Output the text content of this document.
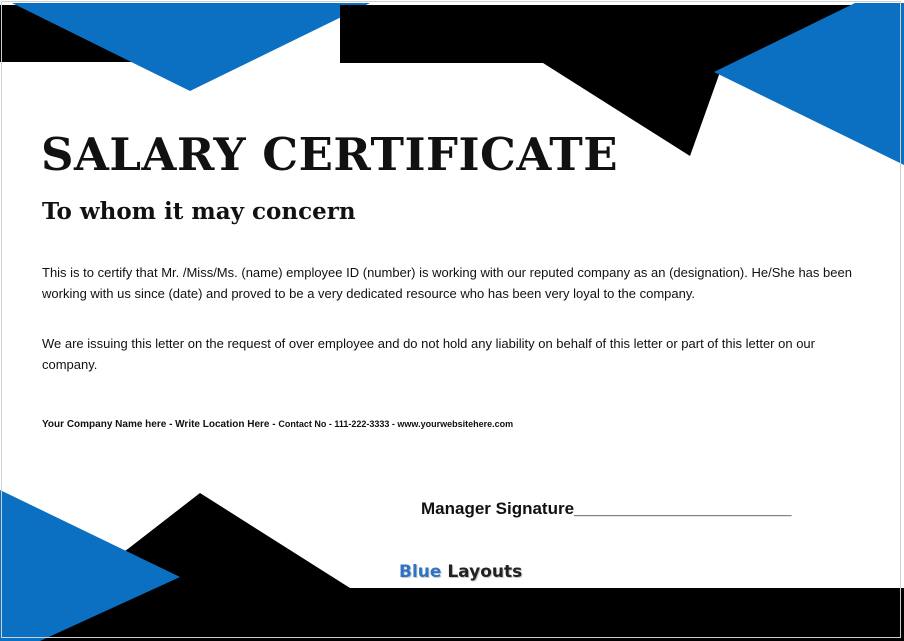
SALARY CERTIFICATE
To whom it may concern

This is to certify that Mr. /Miss/Ms. (name) employee ID (number) is working with our reputed company as an (designation). He/She has been working with us since (date) and proved to be a very dedicated resource who has been very loyal to the company.

We are issuing this letter on the request of over employee and do not hold any liability on behalf of this letter or part of this letter on our company.

Your Company Name here - Write Location Here - Contact No - 111-222-3333 - www.yourwebsitehere.com

Manager Signature_______________________

Blue Layouts
